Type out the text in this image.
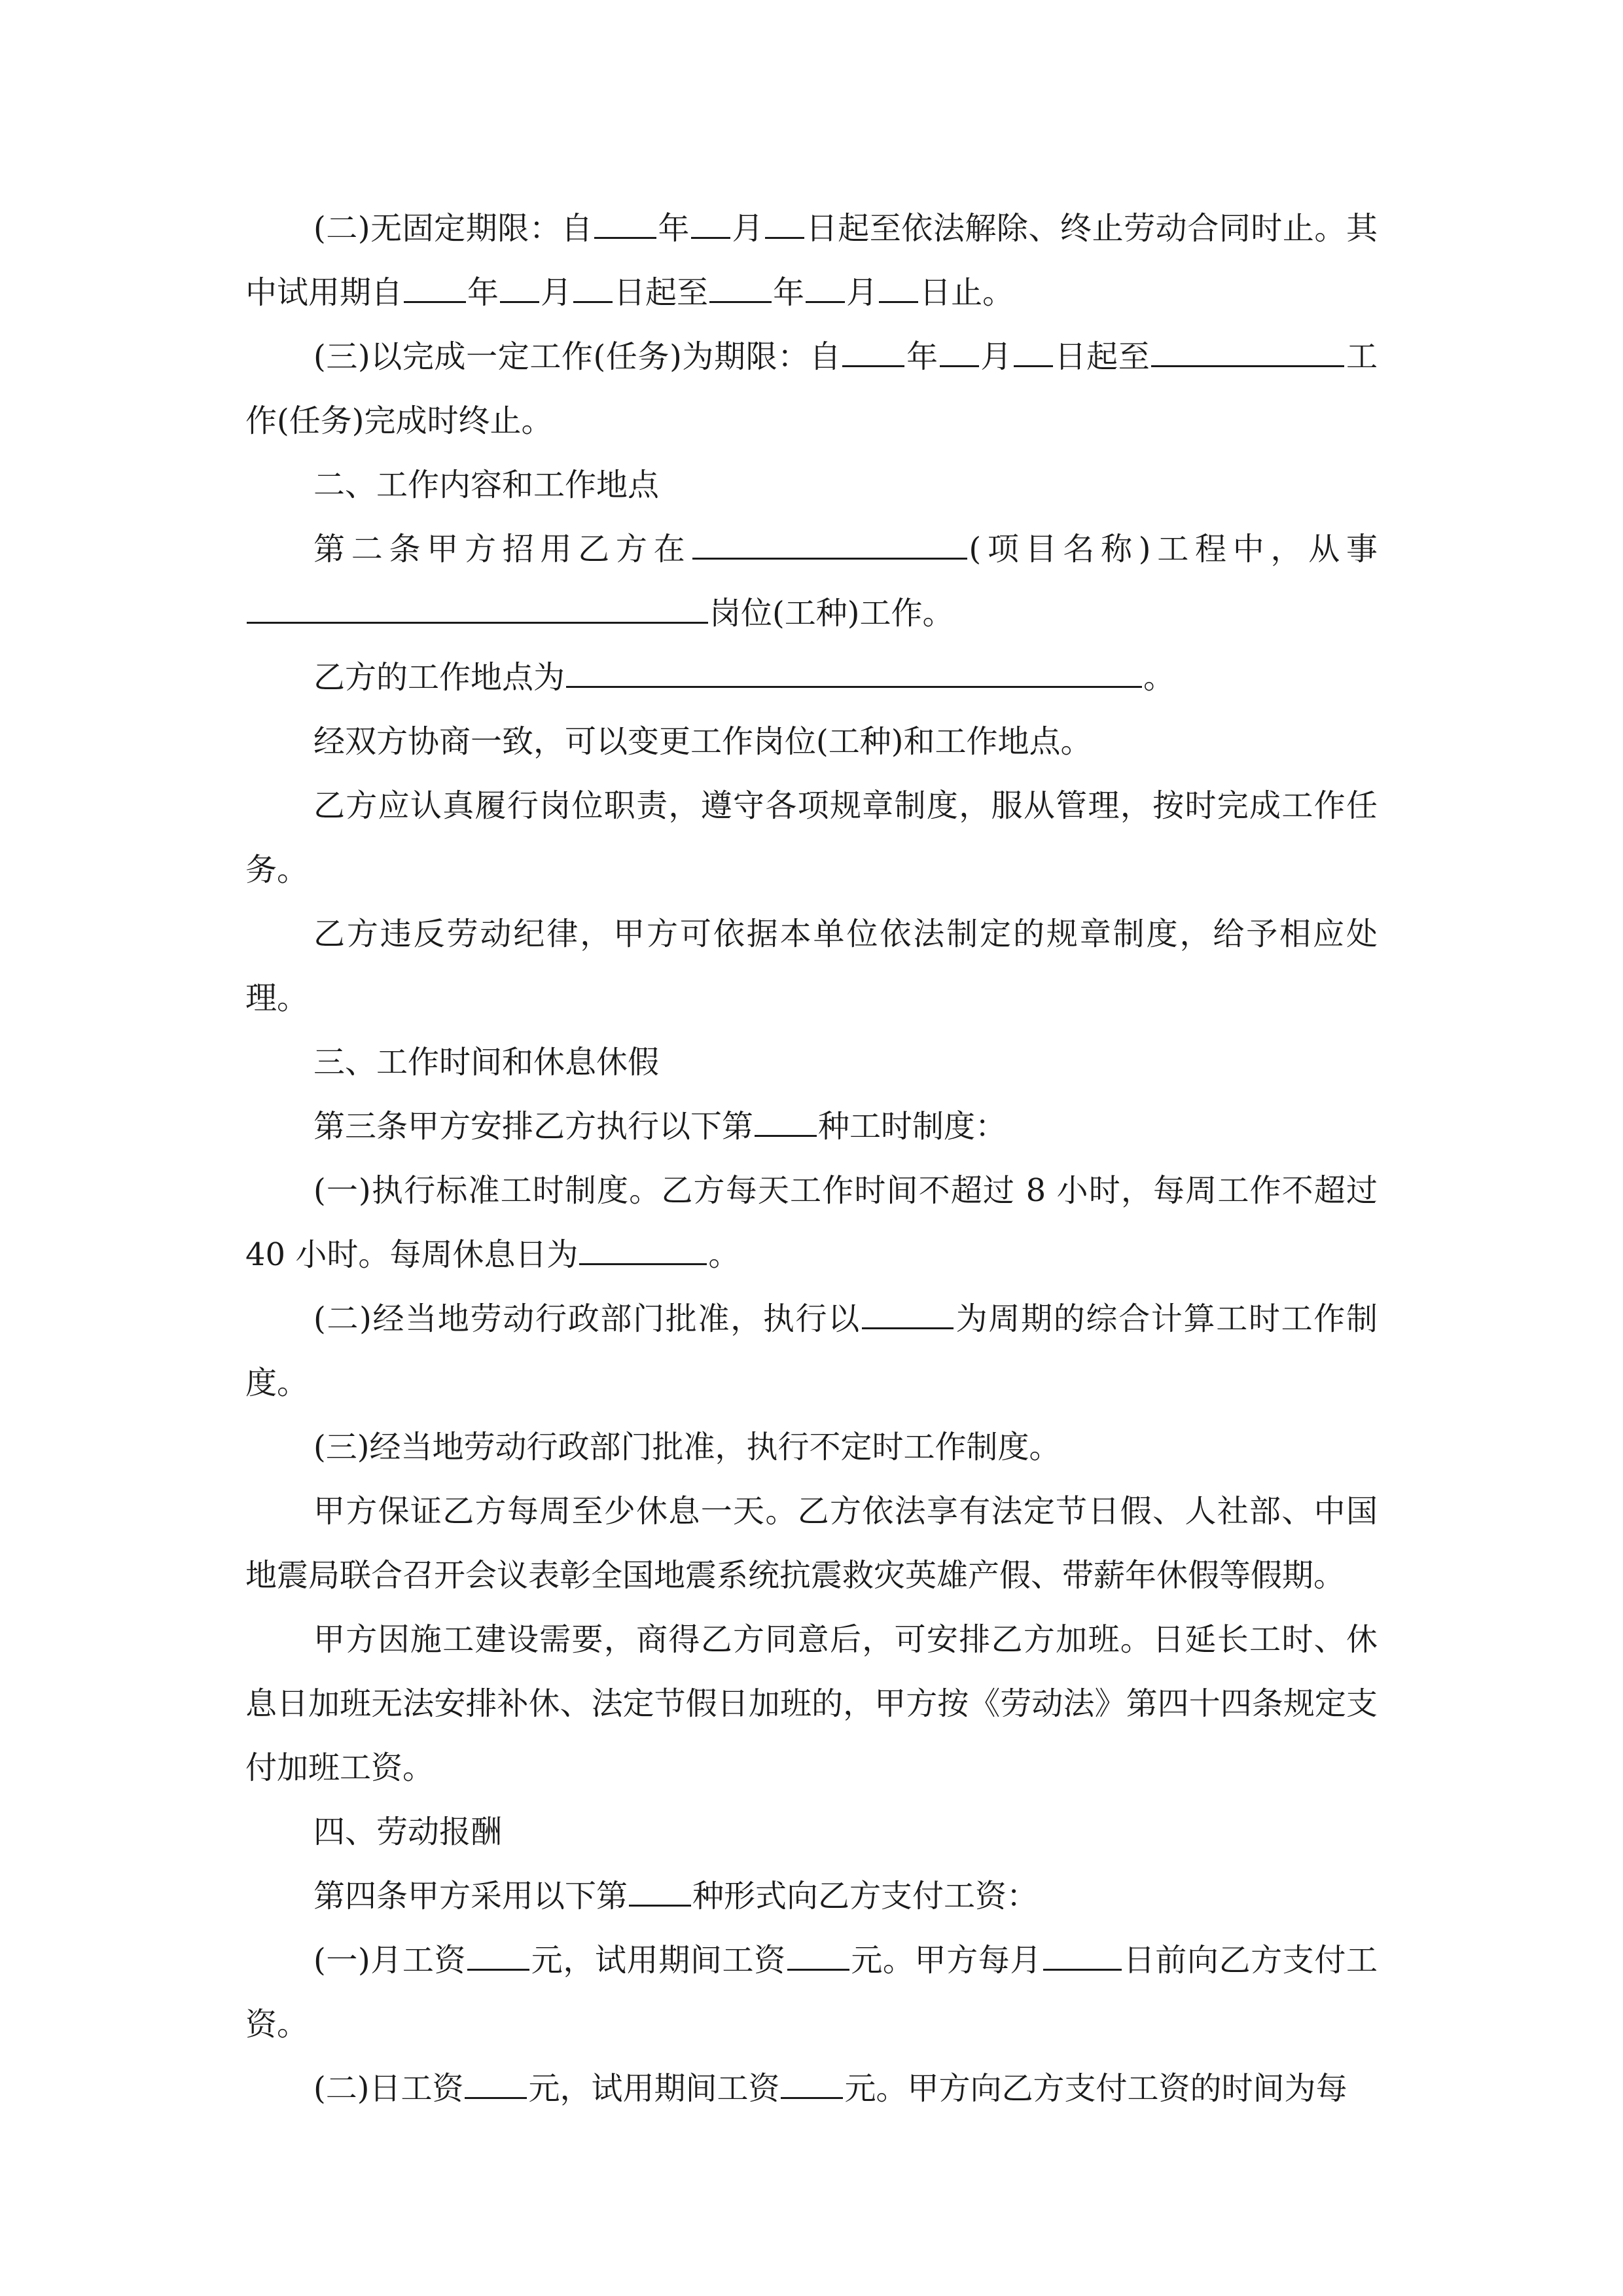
(二)无固定期限：自 年 月 日起至依法解除、终止劳动合同时止。其中试用期自 年 月 日起至 年 月 日止。

(三)以完成一定工作(任务)为期限：自 年 月 日起至	工作(任务)完成时终止。

二、工作内容和工作地点

第二条甲方招用乙方在	(项目名称)工程中，从事岗位(工种)工作。

乙方的工作地点为	。

经双方协商一致，可以变更工作岗位(工种)和工作地点。

乙方应认真履行岗位职责，遵守各项规章制度，服从管理，按时完成工作任务。

乙方违反劳动纪律，甲方可依据本单位依法制定的规章制度，给予相应处理。

三、工作时间和休息休假

第三条甲方安排乙方执行以下第 种工时制度：

(一)执行标准工时制度。乙方每天工作时间不超过 8 小时，每周工作不超过 40 小时。每周休息日为	。

(二)经当地劳动行政部门批准，执行以	为周期的综合计算工时工作制度。

(三)经当地劳动行政部门批准，执行不定时工作制度。

甲方保证乙方每周至少休息一天。乙方依法享有法定节日假、人社部、中国地震局联合召开会议表彰全国地震系统抗震救灾英雄产假、带薪年休假等假期。

甲方因施工建设需要，商得乙方同意后，可安排乙方加班。日延长工时、休息日加班无法安排补休、法定节假日加班的，甲方按《劳动法》第四十四条规定支付加班工资。

四、劳动报酬

第四条甲方采用以下第 种形式向乙方支付工资：

(一)月工资 元，试用期间工资 元。甲方每月	日前向乙方支付工资。

(二)日工资 元，试用期间工资 元。甲方向乙方支付工资的时间为每
